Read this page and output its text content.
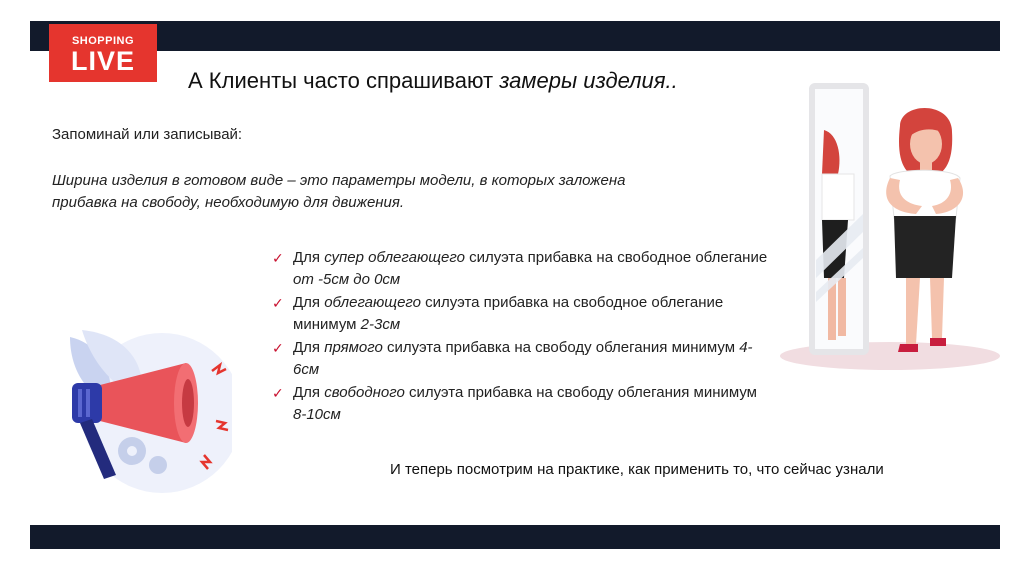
SHOPPING
LIVE
А Клиенты часто спрашивают замеры изделия..
Запоминай или записывай:
Ширина изделия в готовом виде – это параметры модели, в которых заложена прибавка на свободу, необходимую для движения.
✓ Для супер облегающего силуэта прибавка на свободное облегание от -5см до 0см
✓ Для облегающего силуэта прибавка на свободное облегание минимум 2-3см
✓ Для прямого силуэта прибавка на свободу облегания минимум 4-6см
✓ Для свободного силуэта прибавка на свободу облегания минимум 8-10см
И теперь посмотрим на практике, как применить то, что сейчас узнали
